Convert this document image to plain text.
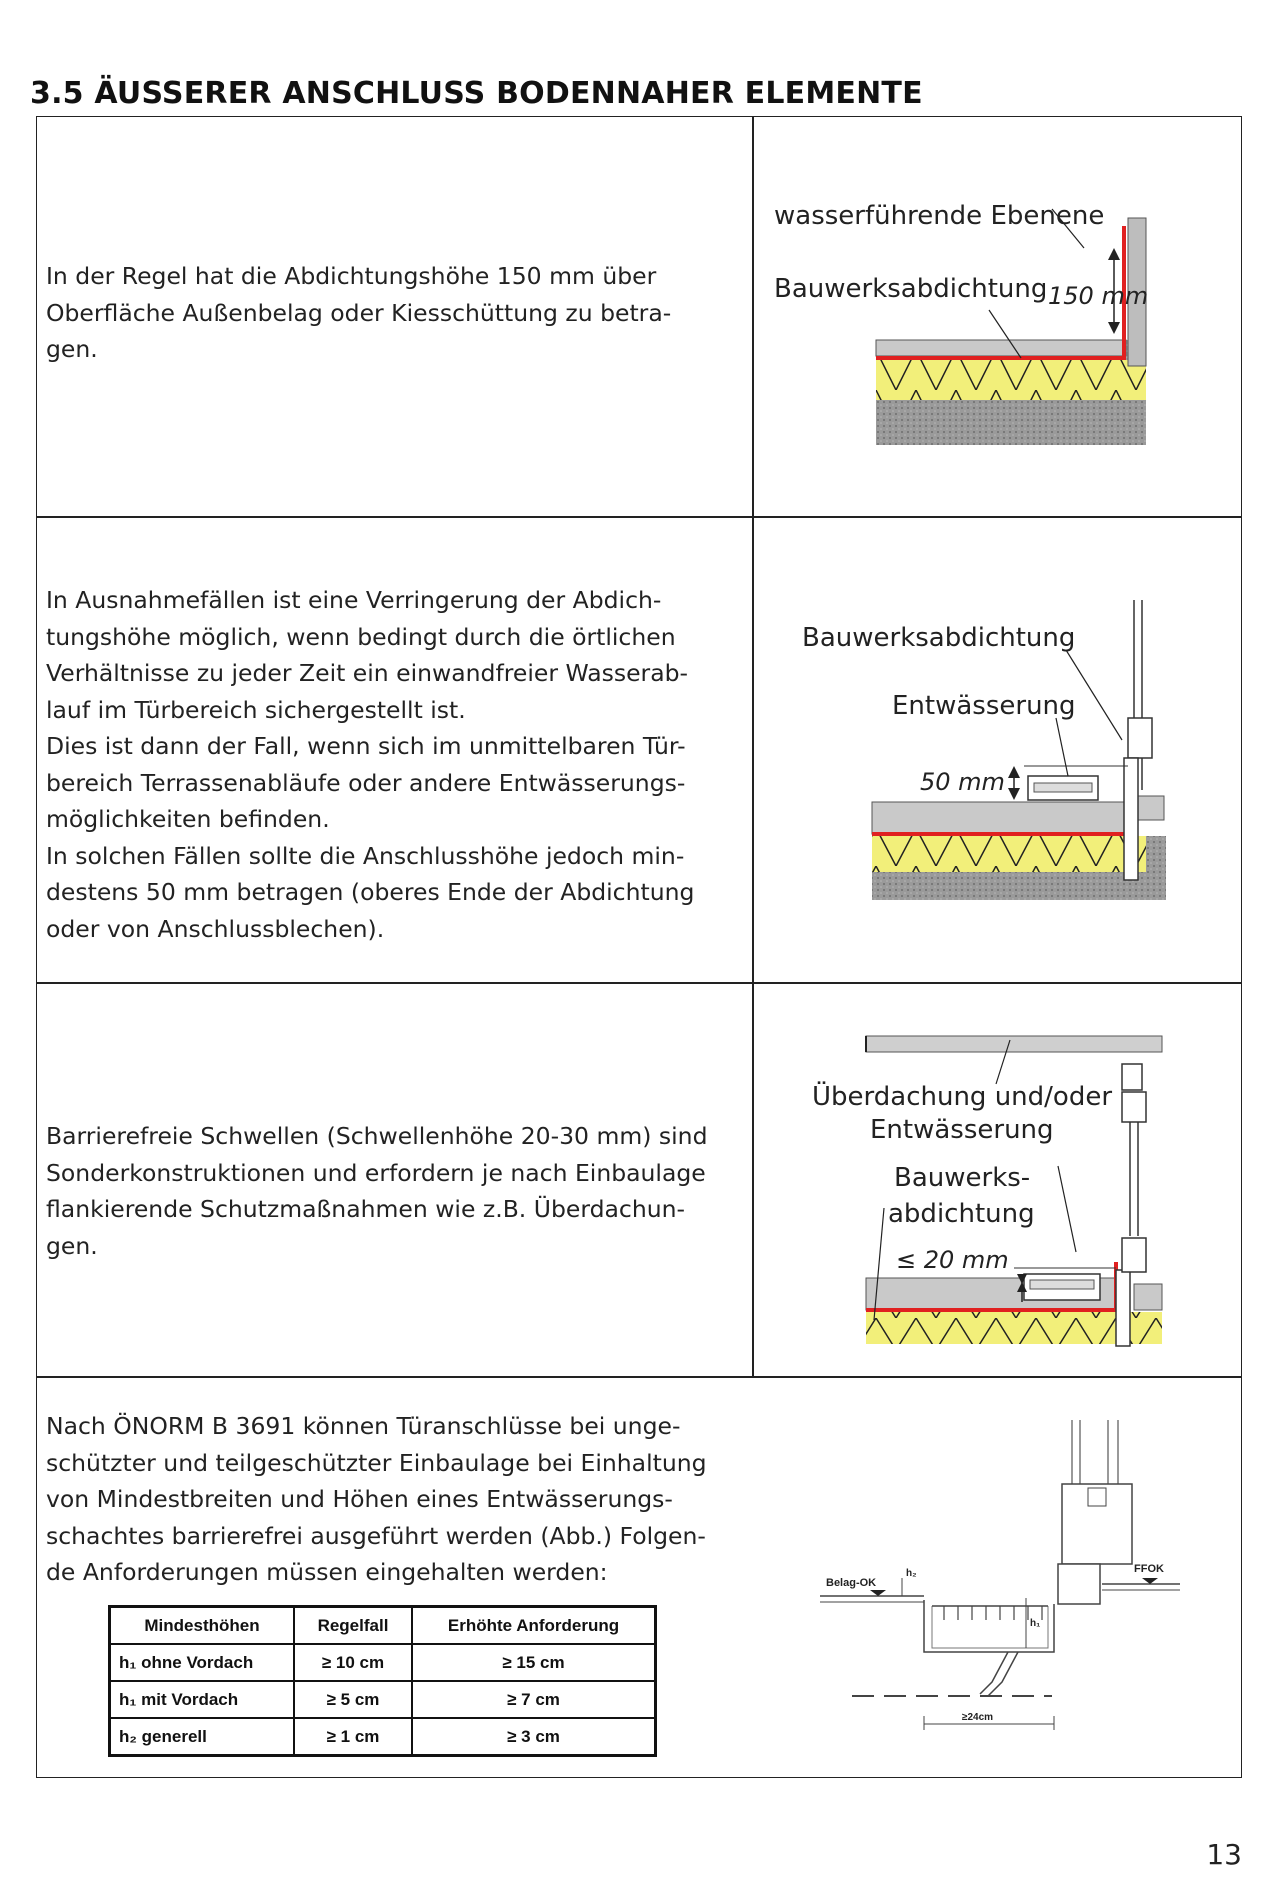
3.5 ÄUSSERER ANSCHLUSS BODENNAHER ELEMENTE
In der Regel hat die Abdichtungshöhe 150 mm über
Oberfläche Außenbelag oder Kiesschüttung zu betra-
gen.
In Ausnahmefällen ist eine Verringerung der Abdich-
tungshöhe möglich, wenn bedingt durch die örtlichen
Verhältnisse zu jeder Zeit ein einwandfreier Wasserab-
lauf im Türbereich sichergestellt ist.
Dies ist dann der Fall, wenn sich im unmittelbaren Tür-
bereich Terrassenabläufe oder andere Entwässerungs-
möglichkeiten befinden.
In solchen Fällen sollte die Anschlusshöhe jedoch min-
destens 50 mm betragen (oberes Ende der Abdichtung
oder von Anschlussblechen).
Barrierefreie Schwellen (Schwellenhöhe 20-30 mm) sind
Sonderkonstruktionen und erfordern je nach Einbaulage
flankierende Schutzmaßnahmen wie z.B. Überdachun-
gen.
Nach ÖNORM B 3691 können Türanschlüsse bei unge-
schützter und teilgeschützter Einbaulage bei Einhaltung
von Mindestbreiten und Höhen eines Entwässerungs-
schachtes barrierefrei ausgeführt werden (Abb.) Folgen-
de Anforderungen müssen eingehalten werden:
Mindesthöhen	Regelfall	Erhöhte Anforderung
h₁ ohne Vordach	≥ 10 cm	≥ 15 cm
h₁ mit Vordach	≥ 5 cm	≥ 7 cm
h₂ generell	≥ 1 cm	≥ 3 cm
wasserführende Ebenene
Bauwerksabdichtung 150 mm
Bauwerksabdichtung
Entwässerung
50 mm
Überdachung und/oder
Entwässerung
Bauwerks-
abdichtung
≤ 20 mm
Belag-OK
FFOK
h₂
h₁
≥24cm
13
